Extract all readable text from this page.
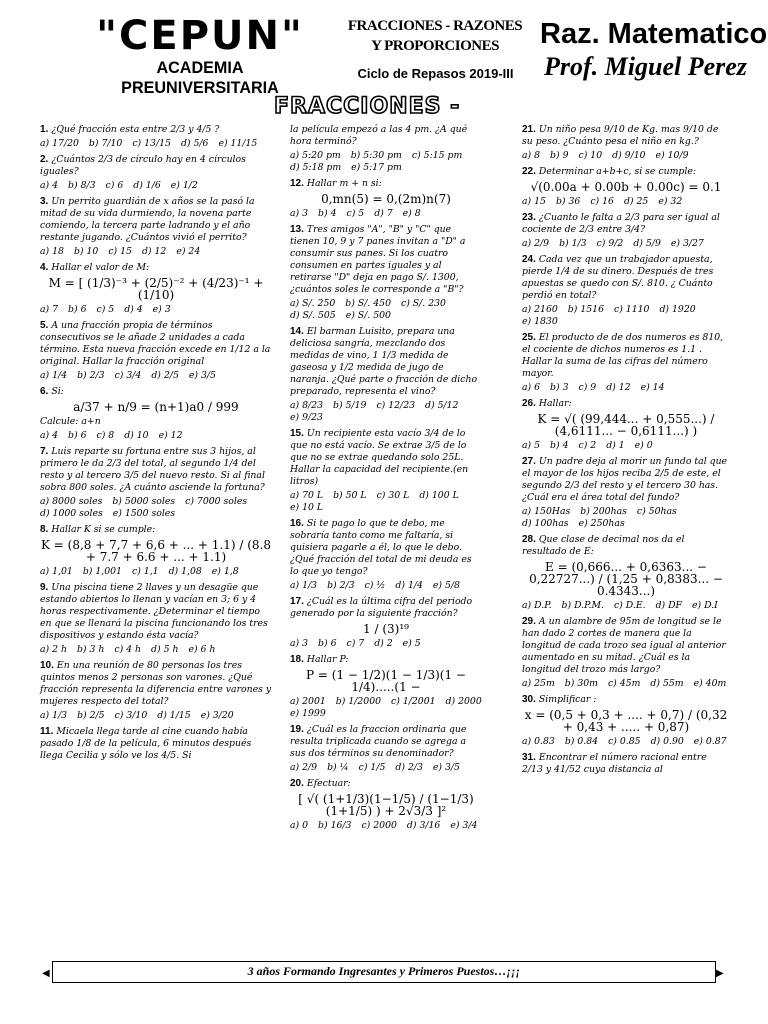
"CEPUN"
ACADEMIA PREUNIVERSITARIA
FRACCIONES - RAZONES Y PROPORCIONES
Ciclo de Repasos 2019-III
Raz. Matematico
Prof. Miguel Perez
FRACCIONES -
1. ¿Qué fracción esta entre 2/3 y 4/5 ?
a) 17/20 b) 7/10 c) 13/15 d) 5/6 e) 11/15
2. ¿Cuántos 2/3 de círculo hay en 4 círculos iguales?
a) 4 b) 8/3 c) 6 d) 1/6 e) 1/2
3. Un perrito guardián de x años se la pasó la mitad de su vida durmiendo, la novena parte comiendo, la tercera parte ladrando y el año restante jugando. ¿Cuántos vivió el perrito?
a) 18 b) 10 c) 15 d) 12 e) 24
4. Hallar el valor de M:
M = [ (1/3)⁻³ + (2/5)⁻² + (4/23)⁻¹ + (1/10)
a) 7 b) 6 c) 5 d) 4 e) 3
5. A una fracción propia de términos consecutivos se le añade 2 unidades a cada término. Esta nueva fracción excede en 1/12 a la original. Hallar la fracción original
a) 1/4 b) 2/3 c) 3/4 d) 2/5 e) 3/5
6. Si:
a/37 + n/9 = (n+1)a0 / 999
Calcule: a+n
a) 4 b) 6 c) 8 d) 10 e) 12
7. Luis reparte su fortuna entre sus 3 hijos, al primero le da 2/3 del total, al segundo 1/4 del resto y al tercero 3/5 del nuevo resto. Si al final sobra 800 soles. ¿A cuánto asciende la fortuna?
a) 8000 soles b) 5000 soles c) 7000 soles
d) 1000 soles e) 1500 soles
8. Hallar K si se cumple:
K = (8,8 + 7,7 + 6,6 + ... + 1.1) / (8.8 + 7.7 + 6.6 + ... + 1.1)
a) 1,01 b) 1,001 c) 1,1 d) 1,08 e) 1,8
9. Una piscina tiene 2 llaves y un desagüe que estando abiertos lo llenan y vacían en 3; 6 y 4 horas respectivamente. ¿Determinar el tiempo en que se llenará la piscina funcionando los tres dispositivos y estando ésta vacía?
a) 2 h b) 3 h c) 4 h d) 5 h e) 6 h
10. En una reunión de 80 personas los tres quintos menos 2 personas son varones. ¿Qué fracción representa la diferencia entre varones y mujeres respecto del total?
a) 1/3 b) 2/5 c) 3/10 d) 1/15 e) 3/20
11. Micaela llega tarde al cine cuando había pasado 1/8 de la película, 6 minutos después llega Cecilia y sólo ve los 4/5. Si
la película empezó a las 4 pm. ¿A qué hora terminó?
a) 5:20 pm b) 5:30 pm c) 5:15 pm
d) 5:18 pm e) 5:17 pm
12. Hallar m + n si:
0,mn(5) = 0,(2m)n(7)
a) 3 b) 4 c) 5 d) 7 e) 8
13. Tres amigos "A", "B" y "C" que tienen 10, 9 y 7 panes invitan a "D" a consumir sus panes. Si los cuatro consumen en partes iguales y al retirarse "D" deja en pago S/. 1300, ¿cuántos soles le corresponde a "B"?
a) S/. 250 b) S/. 450 c) S/. 230
d) S/. 505 e) S/. 500
14. El barman Luisito, prepara una deliciosa sangría, mezclando dos medidas de vino, 1 1/3 medida de gaseosa y 1/2 medida de jugo de naranja. ¿Qué parte o fracción de dicho preparado, representa el vino?
a) 8/23 b) 5/19 c) 12/23 d) 5/12
e) 9/23
15. Un recipiente esta vacío 3/4 de lo que no está vacío. Se extrae 3/5 de lo que no se extrae quedando solo 25L. Hallar la capacidad del recipiente.(en litros)
a) 70 L b) 50 L c) 30 L d) 100 L
e) 10 L
16. Si te pago lo que te debo, me sobraría tanto como me faltaría, si quisiera pagarle a él, lo que le debo. ¿Qué fracción del total de mi deuda es lo que yo tengo?
a) 1/3 b) 2/3 c) ½ d) 1/4 e) 5/8
17. ¿Cuál es la última cifra del periodo generado por la siguiente fracción?
1 / (3)¹⁹
a) 3 b) 6 c) 7 d) 2 e) 5
18. Hallar P:
P = (1 − 1/2)(1 − 1/3)(1 − 1/4).....(1 −
a) 2001 b) 1/2000 c) 1/2001 d) 2000
e) 1999
19. ¿Cuál es la fraccion ordinaria que resulta triplicada cuando se agrega a sus dos términos su denominador?
a) 2/9 b) ¼ c) 1/5 d) 2/3 e) 3/5
20. Efectuar:
[ √( (1+1/3)(1−1/5) / (1−1/3)(1+1/5) ) + 2√3/3 ]²
a) 0 b) 16/3 c) 2000 d) 3/16 e) 3/4
21. Un niño pesa 9/10 de Kg. mas 9/10 de su peso. ¿Cuánto pesa el niño en kg.?
a) 8 b) 9 c) 10 d) 9/10 e) 10/9
22. Determinar a+b+c, si se cumple:
√(0.00a + 0.00b + 0.00c) = 0.1
a) 15 b) 36 c) 16 d) 25 e) 32
23. ¿Cuanto le falta a 2/3 para ser igual al cociente de 2/3 entre 3/4?
a) 2/9 b) 1/3 c) 9/2 d) 5/9 e) 3/27
24. Cada vez que un trabajador apuesta, pierde 1/4 de su dinero. Después de tres apuestas se quedo con S/. 810. ¿ Cuánto perdió en total?
a) 2160 b) 1516 c) 1110 d) 1920
e) 1830
25. El producto de de dos numeros es 810, el cociente de dichos numeros es 1.1 . Hallar la suma de las cifras del número mayor.
a) 6 b) 3 c) 9 d) 12 e) 14
26. Hallar:
K = √( (99,444... + 0,555...) / (4,6111... − 0,6111...) )
a) 5 b) 4 c) 2 d) 1 e) 0
27. Un padre deja al morir un fundo tal que el mayor de los hijos reciba 2/5 de este, el segundo 2/3 del resto y el tercero 30 has. ¿Cuál era el área total del fundo?
a) 150Has b) 200has c) 50has
d) 100has e) 250has
28. Que clase de decimal nos da el resultado de E:
E = (0,666... + 0,6363... − 0,22727...) / (1,25 + 0,8383... − 0.4343...)
a) D.P. b) D.P.M. c) D.E. d) DF e) D.I
29. A un alambre de 95m de longitud se le han dado 2 cortes de manera que la longitud de cada trozo sea igual al anterior aumentado en su mitad. ¿Cuál es la longitud del trozo más largo?
a) 25m b) 30m c) 45m d) 55m e) 40m
30. Simplificar :
x = (0,5 + 0,3 + .... + 0,7) / (0,32 + 0,43 + ..... + 0,87)
a) 0.83 b) 0.84 c) 0.85 d) 0.90 e) 0.87
31. Encontrar el número racional entre 2/13 y 41/52 cuya distancia al
◀	3 años Formando Ingresantes y Primeros Puestos…¡¡¡	▶
